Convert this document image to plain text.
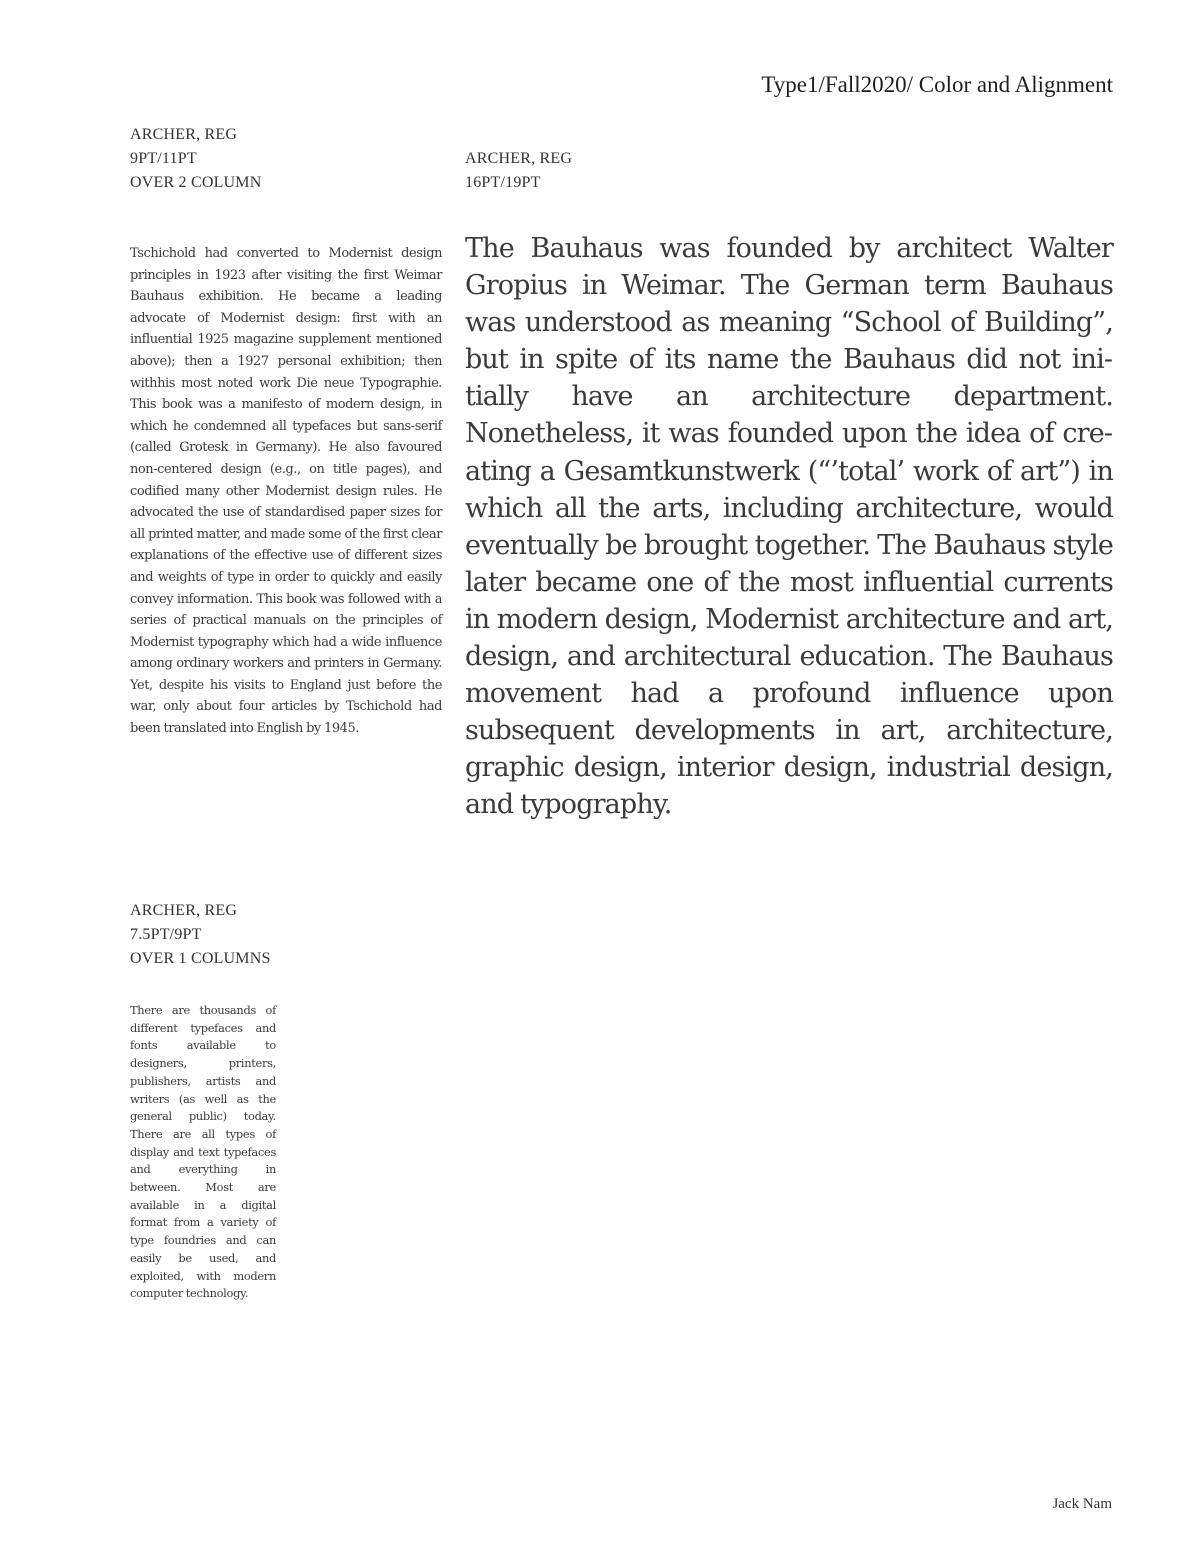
Type1/Fall2020/ Color and Alignment
ARCHER, REG
9PT/11PT
OVER 2 COLUMN
ARCHER, REG
16PT/19PT
Tschichold had converted to Modernist design principles in 1923 after visiting the first Weimar Bauhaus exhibition. He became a leading advocate of Modernist design: first with an influential 1925 magazine supplement mentioned above); then a 1927 personal exhibition; then withhis most noted work Die neue Typographie. This book was a manifesto of modern design, in which he condemned all typefaces but sans-serif (called Grotesk in Germany). He also favoured non-centered design (e.g., on title pages), and codified many other Modernist design rules. He advocated the use of standardised paper sizes for all printed matter, and made some of the first clear explanations of the effective use of different sizes and weights of type in order to quickly and easily convey information. This book was followed with a series of practical manuals on the principles of Modernist typography which had a wide influence among ordinary workers and printers in Germany. Yet, despite his visits to England just before the war, only about four articles by Tschichold had been translated into English by 1945.
The Bauhaus was founded by architect Walter Gropius in Weimar. The German term Bauhaus was understood as meaning “School of Building”, but in spite of its name the Bauhaus did not initially have an architecture department. Nonetheless, it was founded upon the idea of creating a Gesamtkunstwerk (“’total’ work of art”) in which all the arts, including architecture, would eventually be brought together. The Bauhaus style later became one of the most influential currents in modern design, Modernist architecture and art, design, and architectural education. The Bauhaus movement had a profound influence upon subsequent developments in art, architecture, graphic design, interior design, industrial design, and typography.
ARCHER, REG
7.5PT/9PT
OVER 1 COLUMNS
There are thousands of different typefaces and fonts available to designers, printers, publishers, artists and writers (as well as the general public) today. There are all types of display and text typefaces and everything in between. Most are available in a digital format from a variety of type foundries and can easily be used, and exploited, with modern computer technology.
Jack Nam
